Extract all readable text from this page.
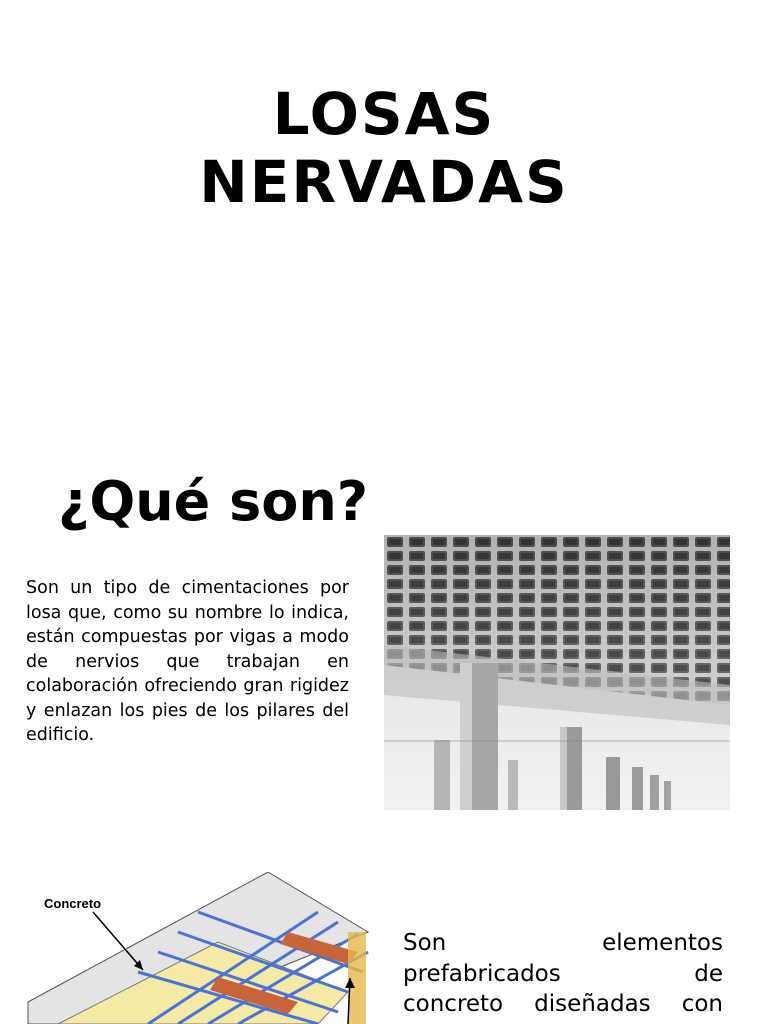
LOSAS
NERVADAS
¿Qué son?

Son un tipo de cimentaciones por losa que, como su nombre lo indica, están compuestas por vigas a modo de nervios que trabajan en colaboración ofreciendo gran rigidez y enlazan los pies de los pilares del edificio.

Concreto

Son elementos
prefabricados de
concreto diseñadas con
